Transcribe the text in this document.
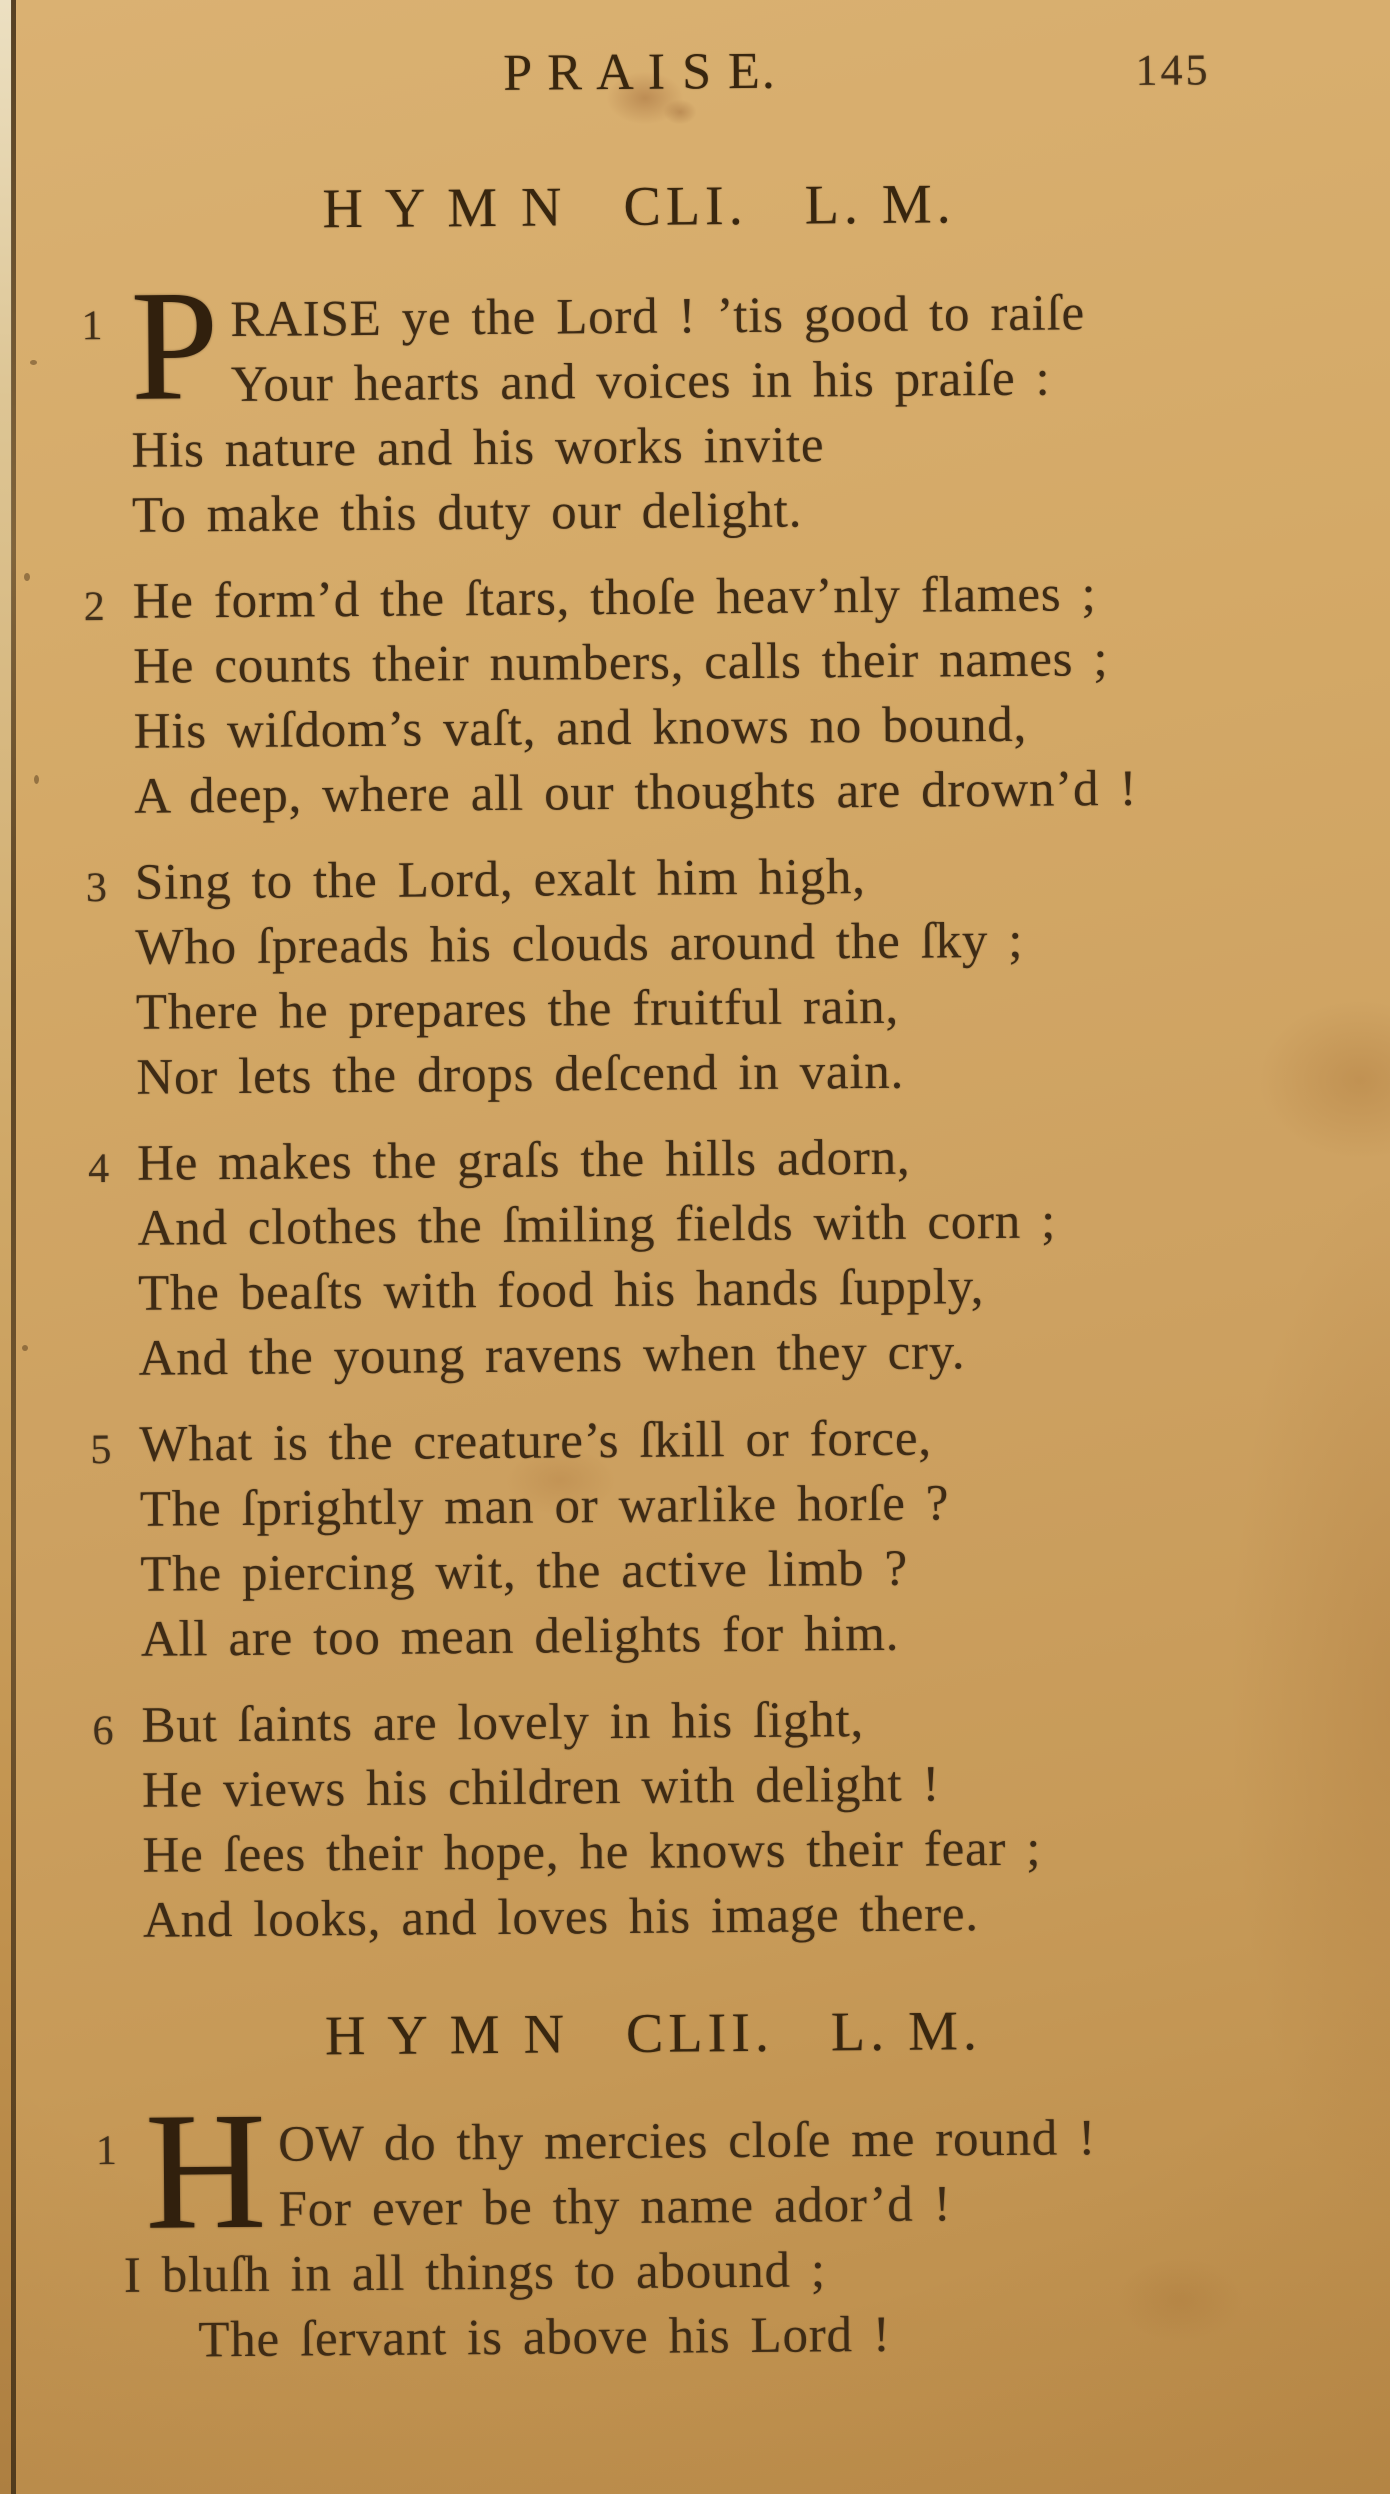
P R A I S E.	145
H Y M N   CLI.   L. M.
1 P RAISE ye the Lord ! ’tis good to raiſe
Your hearts and voices in his praiſe :
His nature and his works invite
To make this duty our delight.
2 He form’d the ſtars, thoſe heav’nly flames ;
He counts their numbers, calls their names ;
His wiſdom’s vaſt, and knows no bound,
A deep, where all our thoughts are drown’d !
3 Sing to the Lord, exalt him high,
Who ſpreads his clouds around the ſky ;
There he prepares the fruitful rain,
Nor lets the drops deſcend in vain.
4 He makes the graſs the hills adorn,
And clothes the ſmiling fields with corn ;
The beaſts with food his hands ſupply,
And the young ravens when they cry.
5 What is the creature’s ſkill or force,
The ſprightly man or warlike horſe ?
The piercing wit, the active limb ?
All are too mean delights for him.
6 But ſaints are lovely in his ſight,
He views his children with delight !
He ſees their hope, he knows their fear ;
And looks, and loves his image there.
H Y M N   CLII.   L. M.
1 H OW do thy mercies cloſe me round !
For ever be thy name ador’d !
I bluſh in all things to abound ;
The ſervant is above his Lord !
